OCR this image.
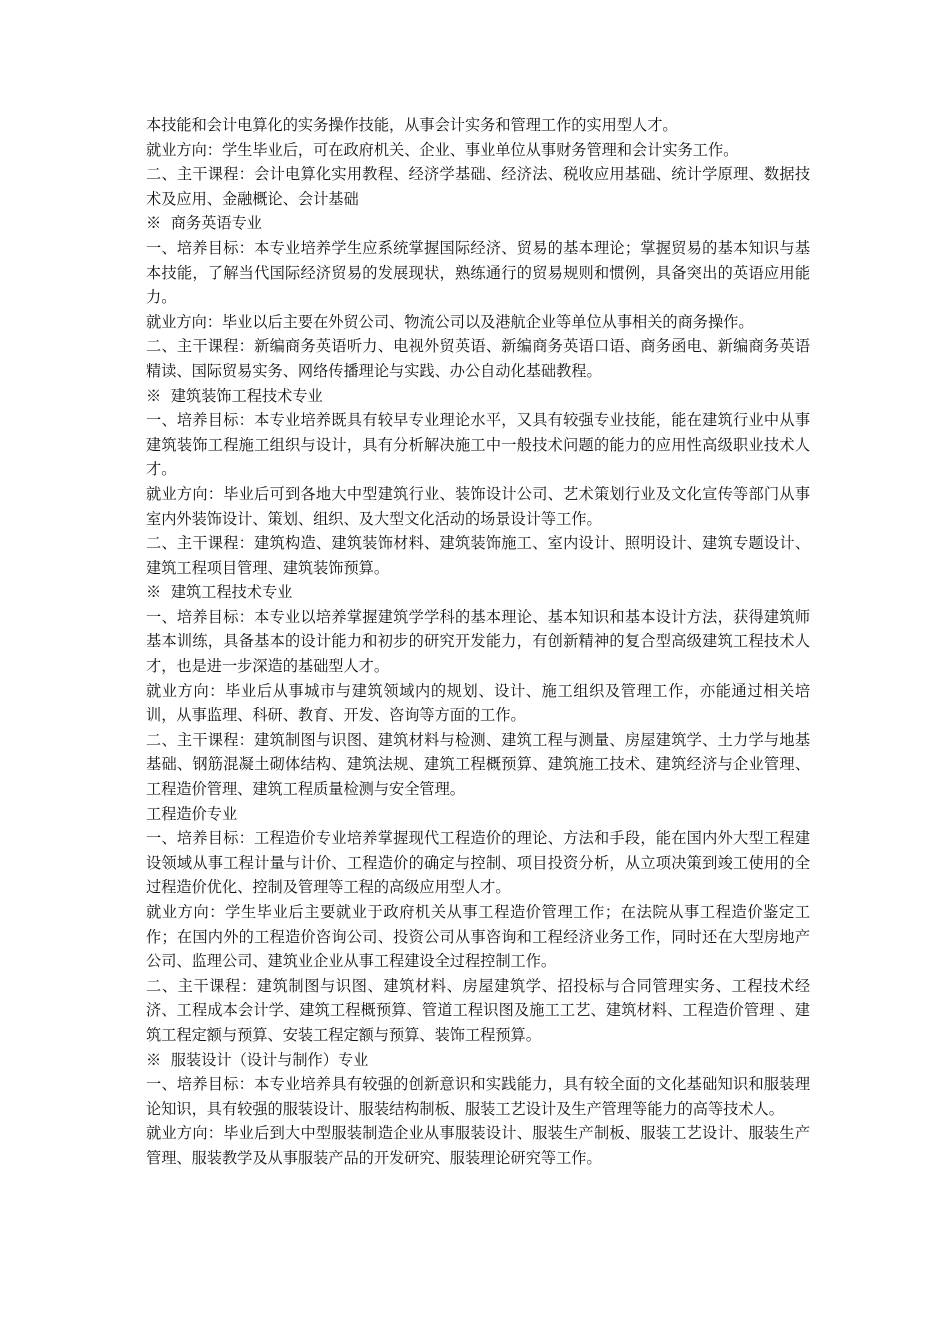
本技能和会计电算化的实务操作技能，从事会计实务和管理工作的实用型人才。

就业方向：学生毕业后，可在政府机关、企业、事业单位从事财务管理和会计实务工作。

二、主干课程：会计电算化实用教程、经济学基础、经济法、税收应用基础、统计学原理、数据技术及应用、金融概论、会计基础

※  商务英语专业

一、培养目标：本专业培养学生应系统掌握国际经济、贸易的基本理论；掌握贸易的基本知识与基本技能，了解当代国际经济贸易的发展现状，熟练通行的贸易规则和惯例，具备突出的英语应用能力。

就业方向：毕业以后主要在外贸公司、物流公司以及港航企业等单位从事相关的商务操作。

二、主干课程：新编商务英语听力、电视外贸英语、新编商务英语口语、商务函电、新编商务英语精读、国际贸易实务、网络传播理论与实践、办公自动化基础教程。

※  建筑装饰工程技术专业

一、培养目标：本专业培养既具有较早专业理论水平，又具有较强专业技能，能在建筑行业中从事建筑装饰工程施工组织与设计，具有分析解决施工中一般技术问题的能力的应用性高级职业技术人才。

就业方向：毕业后可到各地大中型建筑行业、装饰设计公司、艺术策划行业及文化宣传等部门从事室内外装饰设计、策划、组织、及大型文化活动的场景设计等工作。

二、主干课程：建筑构造、建筑装饰材料、建筑装饰施工、室内设计、照明设计、建筑专题设计、建筑工程项目管理、建筑装饰预算。

※  建筑工程技术专业

一、培养目标：本专业以培养掌握建筑学学科的基本理论、基本知识和基本设计方法，获得建筑师基本训练，具备基本的设计能力和初步的研究开发能力，有创新精神的复合型高级建筑工程技术人才，也是进一步深造的基础型人才。

就业方向：毕业后从事城市与建筑领域内的规划、设计、施工组织及管理工作，亦能通过相关培训，从事监理、科研、教育、开发、咨询等方面的工作。

二、主干课程：建筑制图与识图、建筑材料与检测、建筑工程与测量、房屋建筑学、土力学与地基基础、钢筋混凝土砌体结构、建筑法规、建筑工程概预算、建筑施工技术、建筑经济与企业管理、工程造价管理、建筑工程质量检测与安全管理。

工程造价专业

一、培养目标：工程造价专业培养掌握现代工程造价的理论、方法和手段，能在国内外大型工程建设领域从事工程计量与计价、工程造价的确定与控制、项目投资分析，从立项决策到竣工使用的全过程造价优化、控制及管理等工程的高级应用型人才。

就业方向：学生毕业后主要就业于政府机关从事工程造价管理工作；在法院从事工程造价鉴定工作；在国内外的工程造价咨询公司、投资公司从事咨询和工程经济业务工作，同时还在大型房地产公司、监理公司、建筑业企业从事工程建设全过程控制工作。

二、主干课程：建筑制图与识图、建筑材料、房屋建筑学、招投标与合同管理实务、工程技术经济、工程成本会计学、建筑工程概预算、管道工程识图及施工工艺、建筑材料、工程造价管理 、建筑工程定额与预算、安装工程定额与预算、装饰工程预算。

※  服装设计（设计与制作）专业

一、培养目标：本专业培养具有较强的创新意识和实践能力，具有较全面的文化基础知识和服装理论知识，具有较强的服装设计、服装结构制板、服装工艺设计及生产管理等能力的高等技术人。

就业方向：毕业后到大中型服装制造企业从事服装设计、服装生产制板、服装工艺设计、服装生产管理、服装教学及从事服装产品的开发研究、服装理论研究等工作。
